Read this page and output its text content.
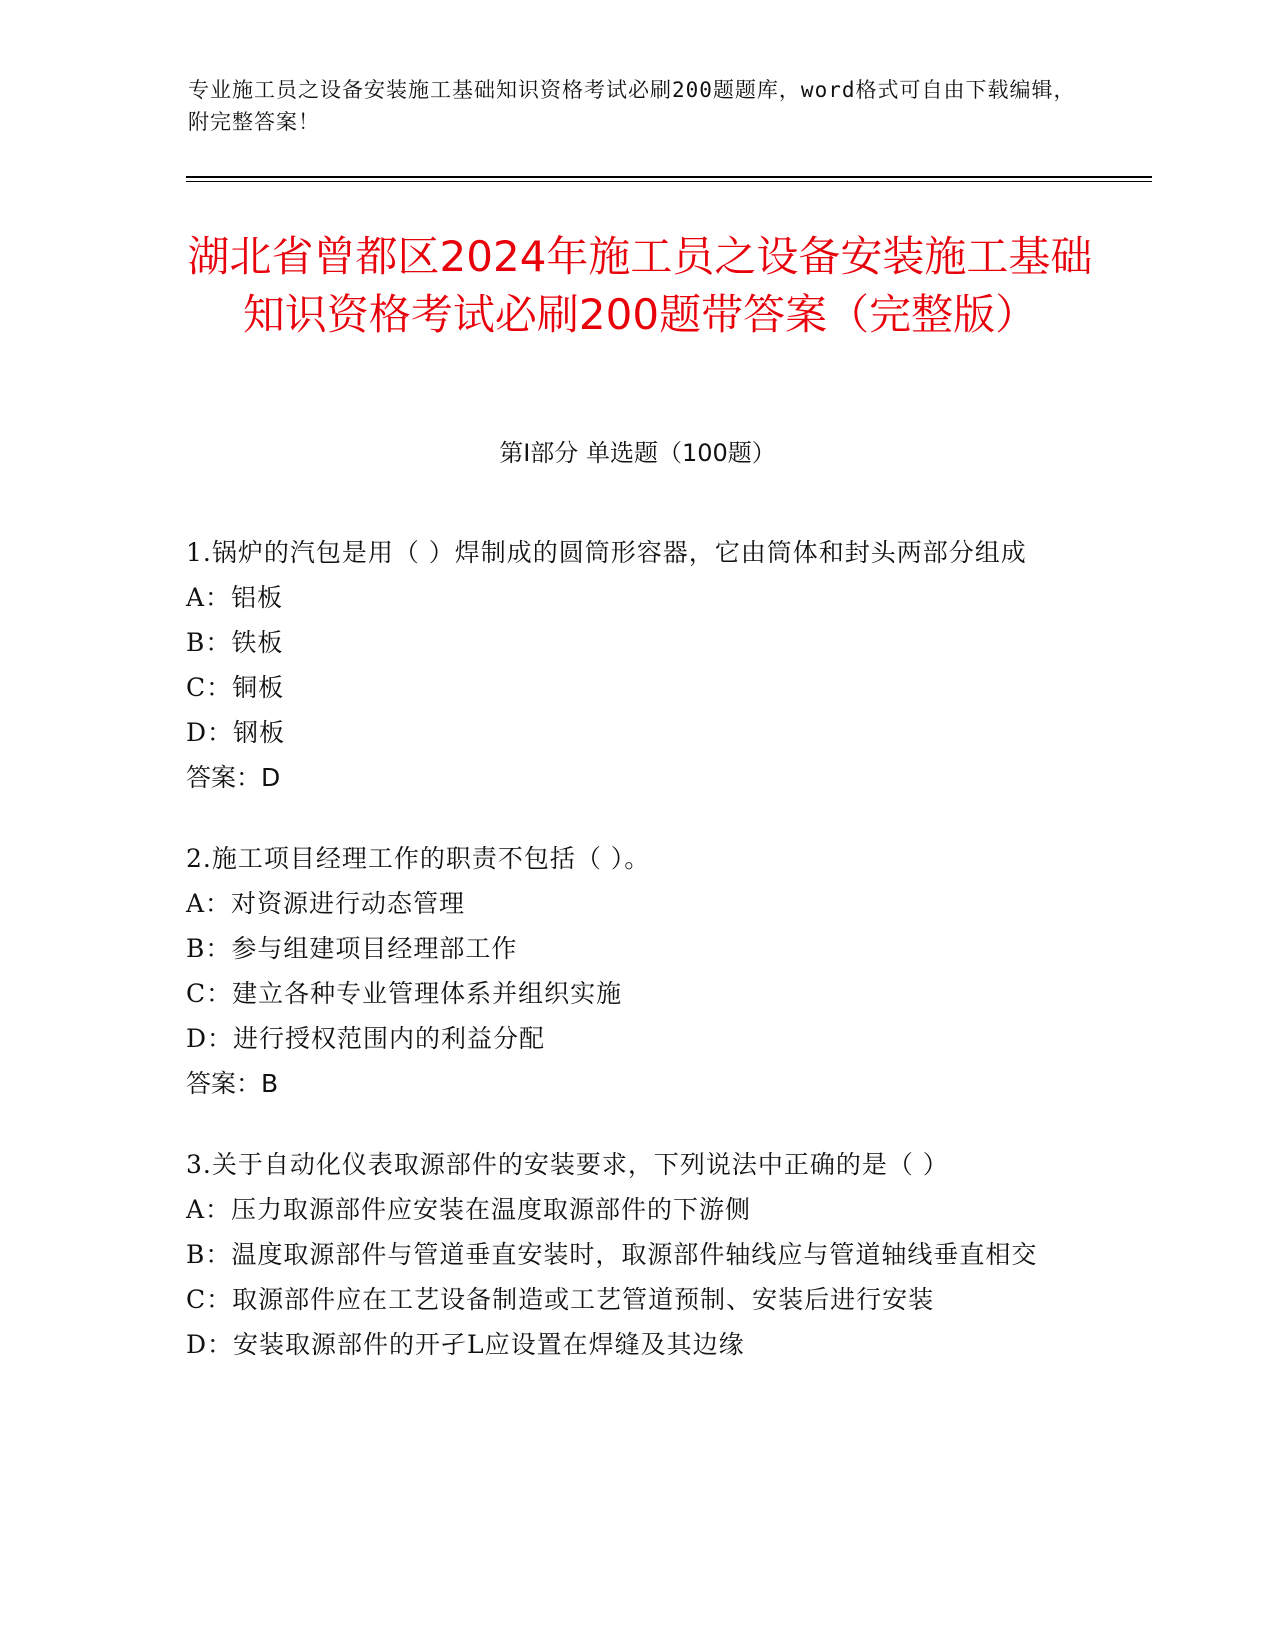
专业施工员之设备安装施工基础知识资格考试必刷200题题库，word格式可自由下载编辑，附完整答案！
湖北省曾都区2024年施工员之设备安装施工基础知识资格考试必刷200题带答案（完整版）
第Ⅰ部分 单选题（100题）
1.锅炉的汽包是用（ ）焊制成的圆筒形容器，它由筒体和封头两部分组成
A：铝板
B：铁板
C：铜板
D：钢板
答案：D
2.施工项目经理工作的职责不包括（ ）。
A：对资源进行动态管理
B：参与组建项目经理部工作
C：建立各种专业管理体系并组织实施
D：进行授权范围内的利益分配
答案：B
3.关于自动化仪表取源部件的安装要求，下列说法中正确的是（ ）
A：压力取源部件应安装在温度取源部件的下游侧
B：温度取源部件与管道垂直安装时，取源部件轴线应与管道轴线垂直相交
C：取源部件应在工艺设备制造或工艺管道预制、安装后进行安装
D：安装取源部件的开孑L应设置在焊缝及其边缘
